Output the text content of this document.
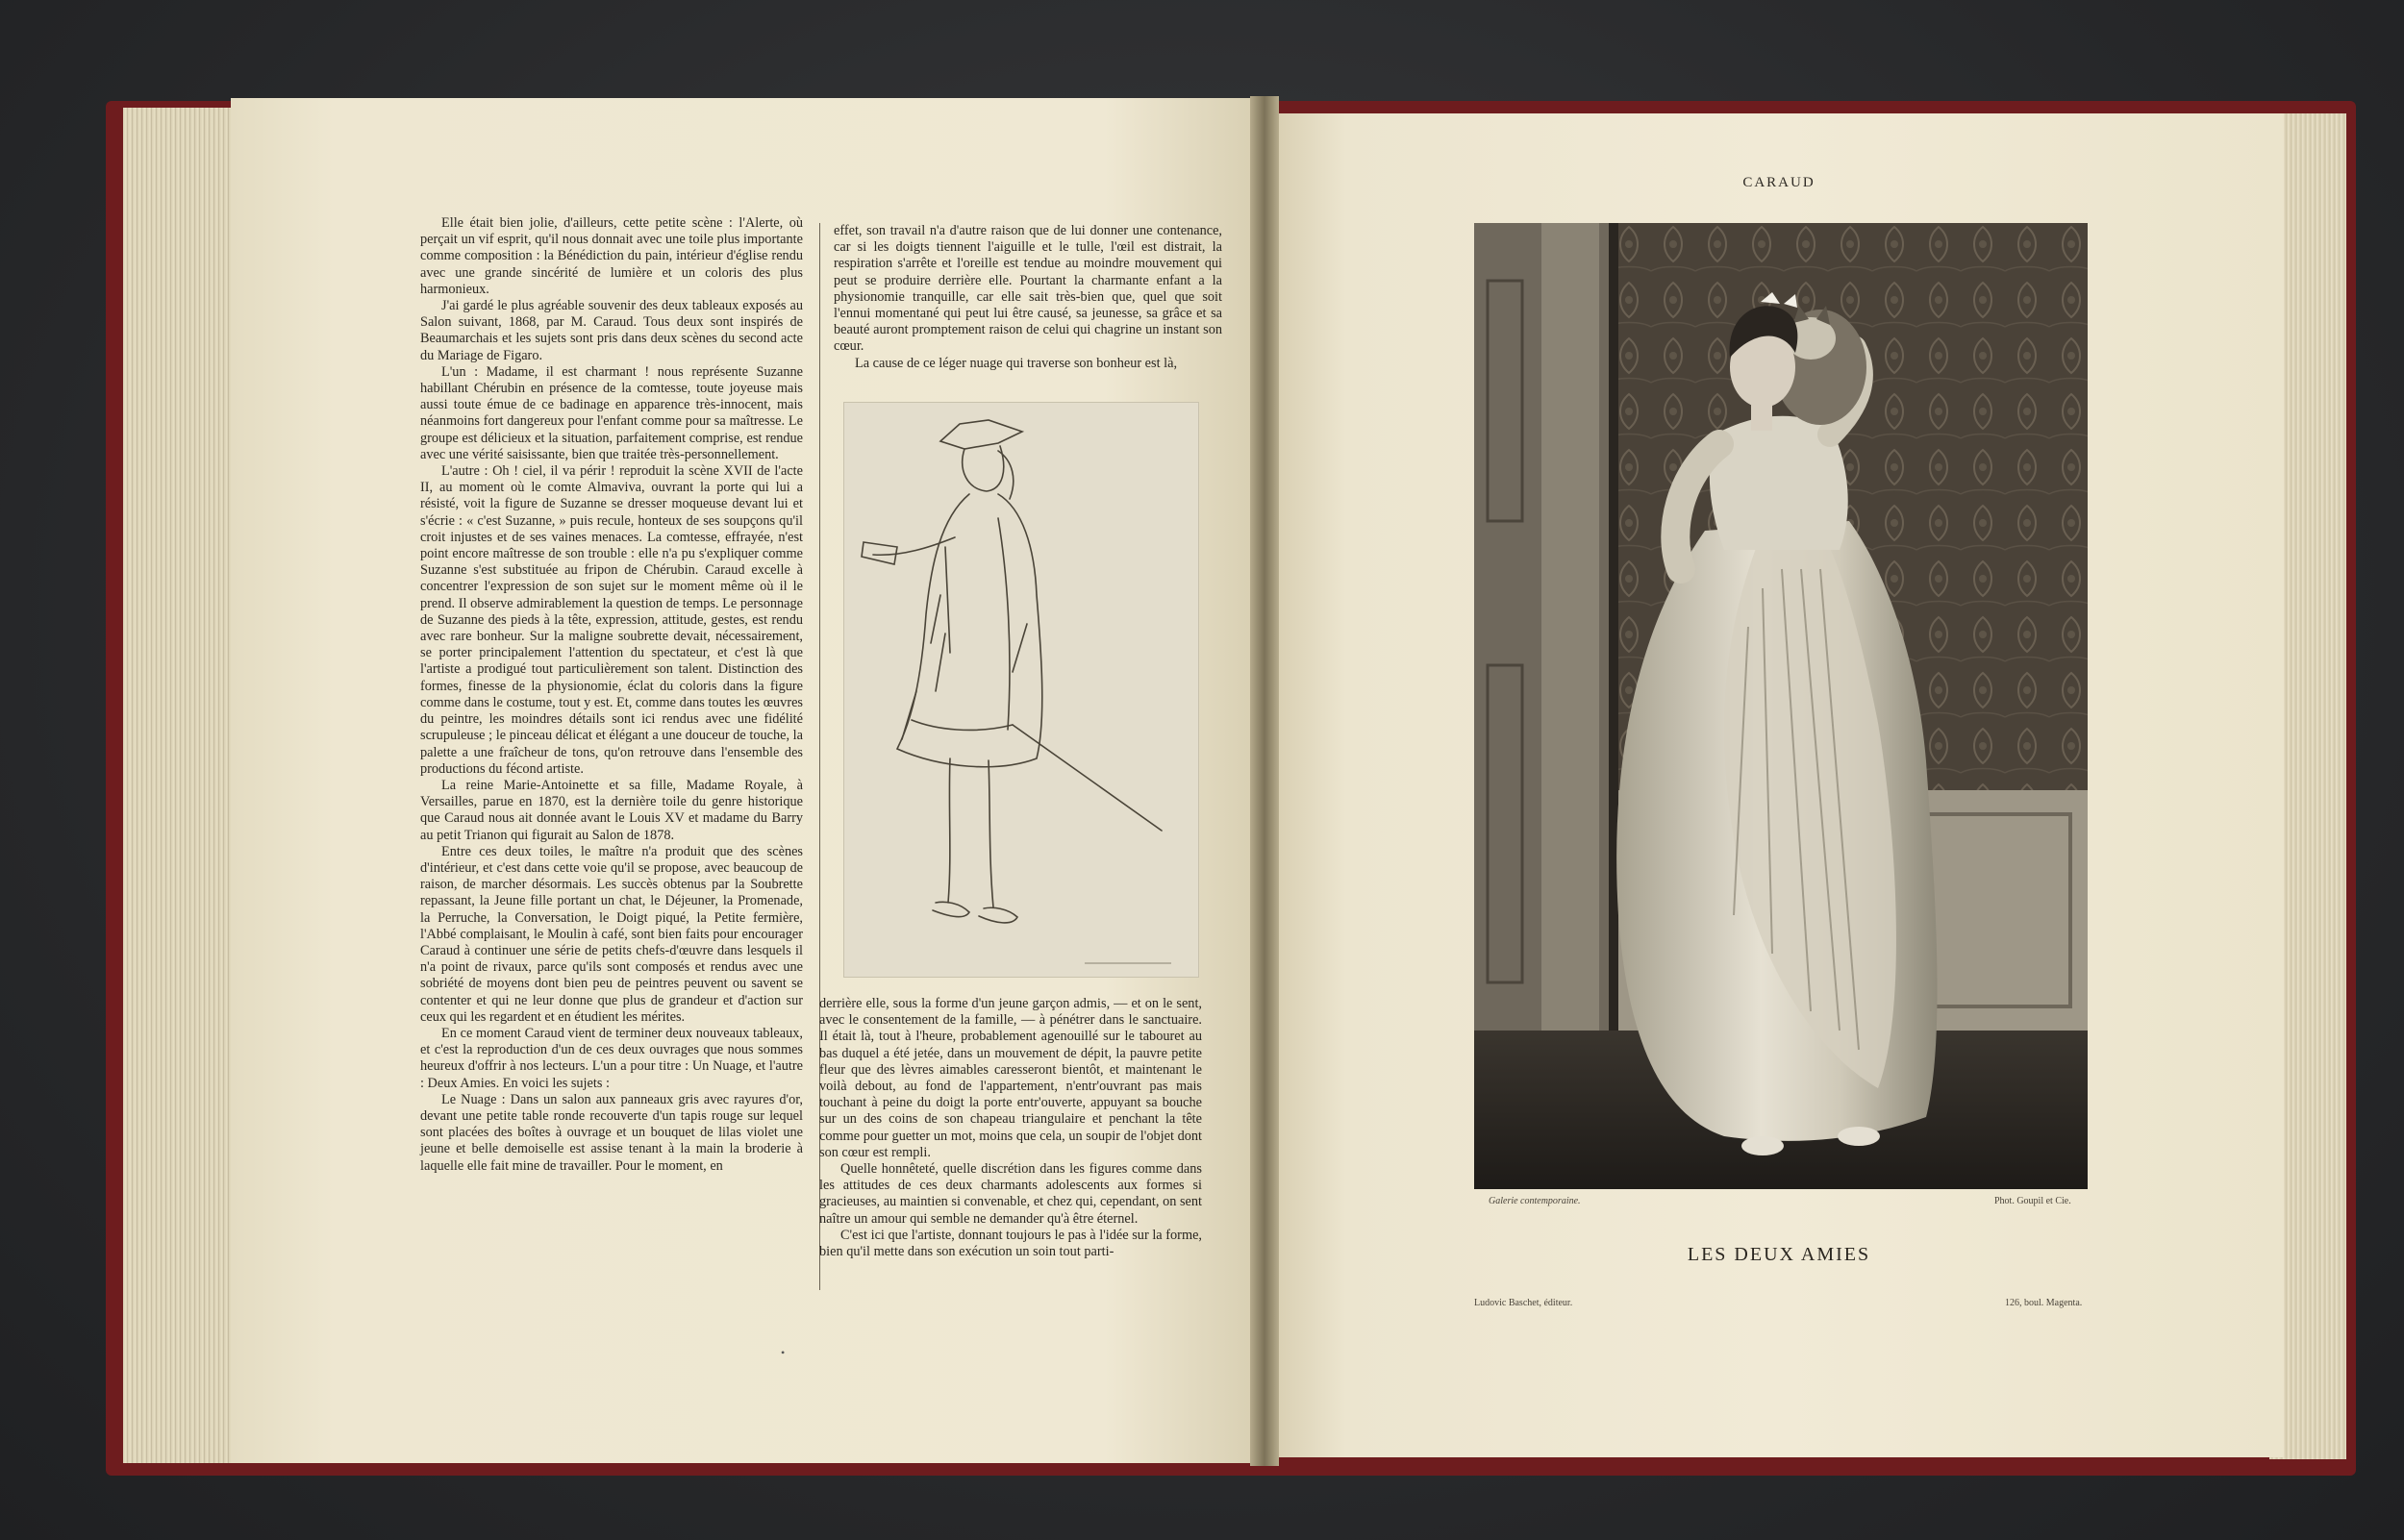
Elle était bien jolie, d'ailleurs, cette petite scène : l'Alerte, où perçait un vif esprit, qu'il nous donnait avec une toile plus importante comme composition : la Bénédiction du pain, intérieur d'église rendu avec une grande sincérité de lumière et un coloris des plus harmonieux.

J'ai gardé le plus agréable souvenir des deux tableaux exposés au Salon suivant, 1868, par M. Caraud. Tous deux sont inspirés de Beaumarchais et les sujets sont pris dans deux scènes du second acte du Mariage de Figaro.

L'un : Madame, il est charmant ! nous représente Suzanne habillant Chérubin en présence de la comtesse, toute joyeuse mais aussi toute émue de ce badinage en apparence très-innocent, mais néanmoins fort dangereux pour l'enfant comme pour sa maîtresse. Le groupe est délicieux et la situation, parfaitement comprise, est rendue avec une vérité saisissante, bien que traitée très-personnellement.

L'autre : Oh ! ciel, il va périr ! reproduit la scène XVII de l'acte II, au moment où le comte Almaviva, ouvrant la porte qui lui a résisté, voit la figure de Suzanne se dresser moqueuse devant lui et s'écrie : « c'est Suzanne, » puis recule, honteux de ses soupçons qu'il croit injustes et de ses vaines menaces. La comtesse, effrayée, n'est point encore maîtresse de son trouble : elle n'a pu s'expliquer comme Suzanne s'est substituée au fripon de Chérubin. Caraud excelle à concentrer l'expression de son sujet sur le moment même où il le prend. Il observe admirablement la question de temps. Le personnage de Suzanne des pieds à la tête, expression, attitude, gestes, est rendu avec rare bonheur. Sur la maligne soubrette devait, nécessairement, se porter principalement l'attention du spectateur, et c'est là que l'artiste a prodigué tout particulièrement son talent. Distinction des formes, finesse de la physionomie, éclat du coloris dans la figure comme dans le costume, tout y est. Et, comme dans toutes les œuvres du peintre, les moindres détails sont ici rendus avec une fidélité scrupuleuse ; le pinceau délicat et élégant a une douceur de touche, la palette a une fraîcheur de tons, qu'on retrouve dans l'ensemble des productions du fécond artiste.

La reine Marie-Antoinette et sa fille, Madame Royale, à Versailles, parue en 1870, est la dernière toile du genre historique que Caraud nous ait donnée avant le Louis XV et madame du Barry au petit Trianon qui figurait au Salon de 1878.

Entre ces deux toiles, le maître n'a produit que des scènes d'intérieur, et c'est dans cette voie qu'il se propose, avec beaucoup de raison, de marcher désormais. Les succès obtenus par la Soubrette repassant, la Jeune fille portant un chat, le Déjeuner, la Promenade, la Perruche, la Conversation, le Doigt piqué, la Petite fermière, l'Abbé complaisant, le Moulin à café, sont bien faits pour encourager Caraud à continuer une série de petits chefs-d'œuvre dans lesquels il n'a point de rivaux, parce qu'ils sont composés et rendus avec une sobriété de moyens dont bien peu de peintres peuvent ou savent se contenter et qui ne leur donne que plus de grandeur et d'action sur ceux qui les regardent et en étudient les mérites.

En ce moment Caraud vient de terminer deux nouveaux tableaux, et c'est la reproduction d'un de ces deux ouvrages que nous sommes heureux d'offrir à nos lecteurs. L'un a pour titre : Un Nuage, et l'autre : Deux Amies. En voici les sujets :

Le Nuage : Dans un salon aux panneaux gris avec rayures d'or, devant une petite table ronde recouverte d'un tapis rouge sur lequel sont placées des boîtes à ouvrage et un bouquet de lilas violet une jeune et belle demoiselle est assise tenant à la main la broderie à laquelle elle fait mine de travailler. Pour le moment, en

effet, son travail n'a d'autre raison que de lui donner une contenance, car si les doigts tiennent l'aiguille et le tulle, l'œil est distrait, la respiration s'arrête et l'oreille est tendue au moindre mouvement qui peut se produire derrière elle. Pourtant la charmante enfant a la physionomie tranquille, car elle sait très-bien que, quel que soit l'ennui momentané qui peut lui être causé, sa jeunesse, sa grâce et sa beauté auront promptement raison de celui qui chagrine un instant son cœur.

La cause de ce léger nuage qui traverse son bonheur est là,

derrière elle, sous la forme d'un jeune garçon admis, — et on le sent, avec le consentement de la famille, — à pénétrer dans le sanctuaire. Il était là, tout à l'heure, probablement agenouillé sur le tabouret au bas duquel a été jetée, dans un mouvement de dépit, la pauvre petite fleur que des lèvres aimables caresseront bientôt, et maintenant le voilà debout, au fond de l'appartement, n'entr'ouvrant pas mais touchant à peine du doigt la porte entr'ouverte, appuyant sa bouche sur un des coins de son chapeau triangulaire et penchant la tête comme pour guetter un mot, moins que cela, un soupir de l'objet dont son cœur est rempli.

Quelle honnêteté, quelle discrétion dans les figures comme dans les attitudes de ces deux charmants adolescents aux formes si gracieuses, au maintien si convenable, et chez qui, cependant, on sent naître un amour qui semble ne demander qu'à être éternel.

C'est ici que l'artiste, donnant toujours le pas à l'idée sur la forme, bien qu'il mette dans son exécution un soin tout parti-

•
CARAUD
Galerie contemporaine.	Phot. Goupil et Cie.
LES DEUX AMIES
Ludovic Baschet, éditeur.	126, boul. Magenta.
